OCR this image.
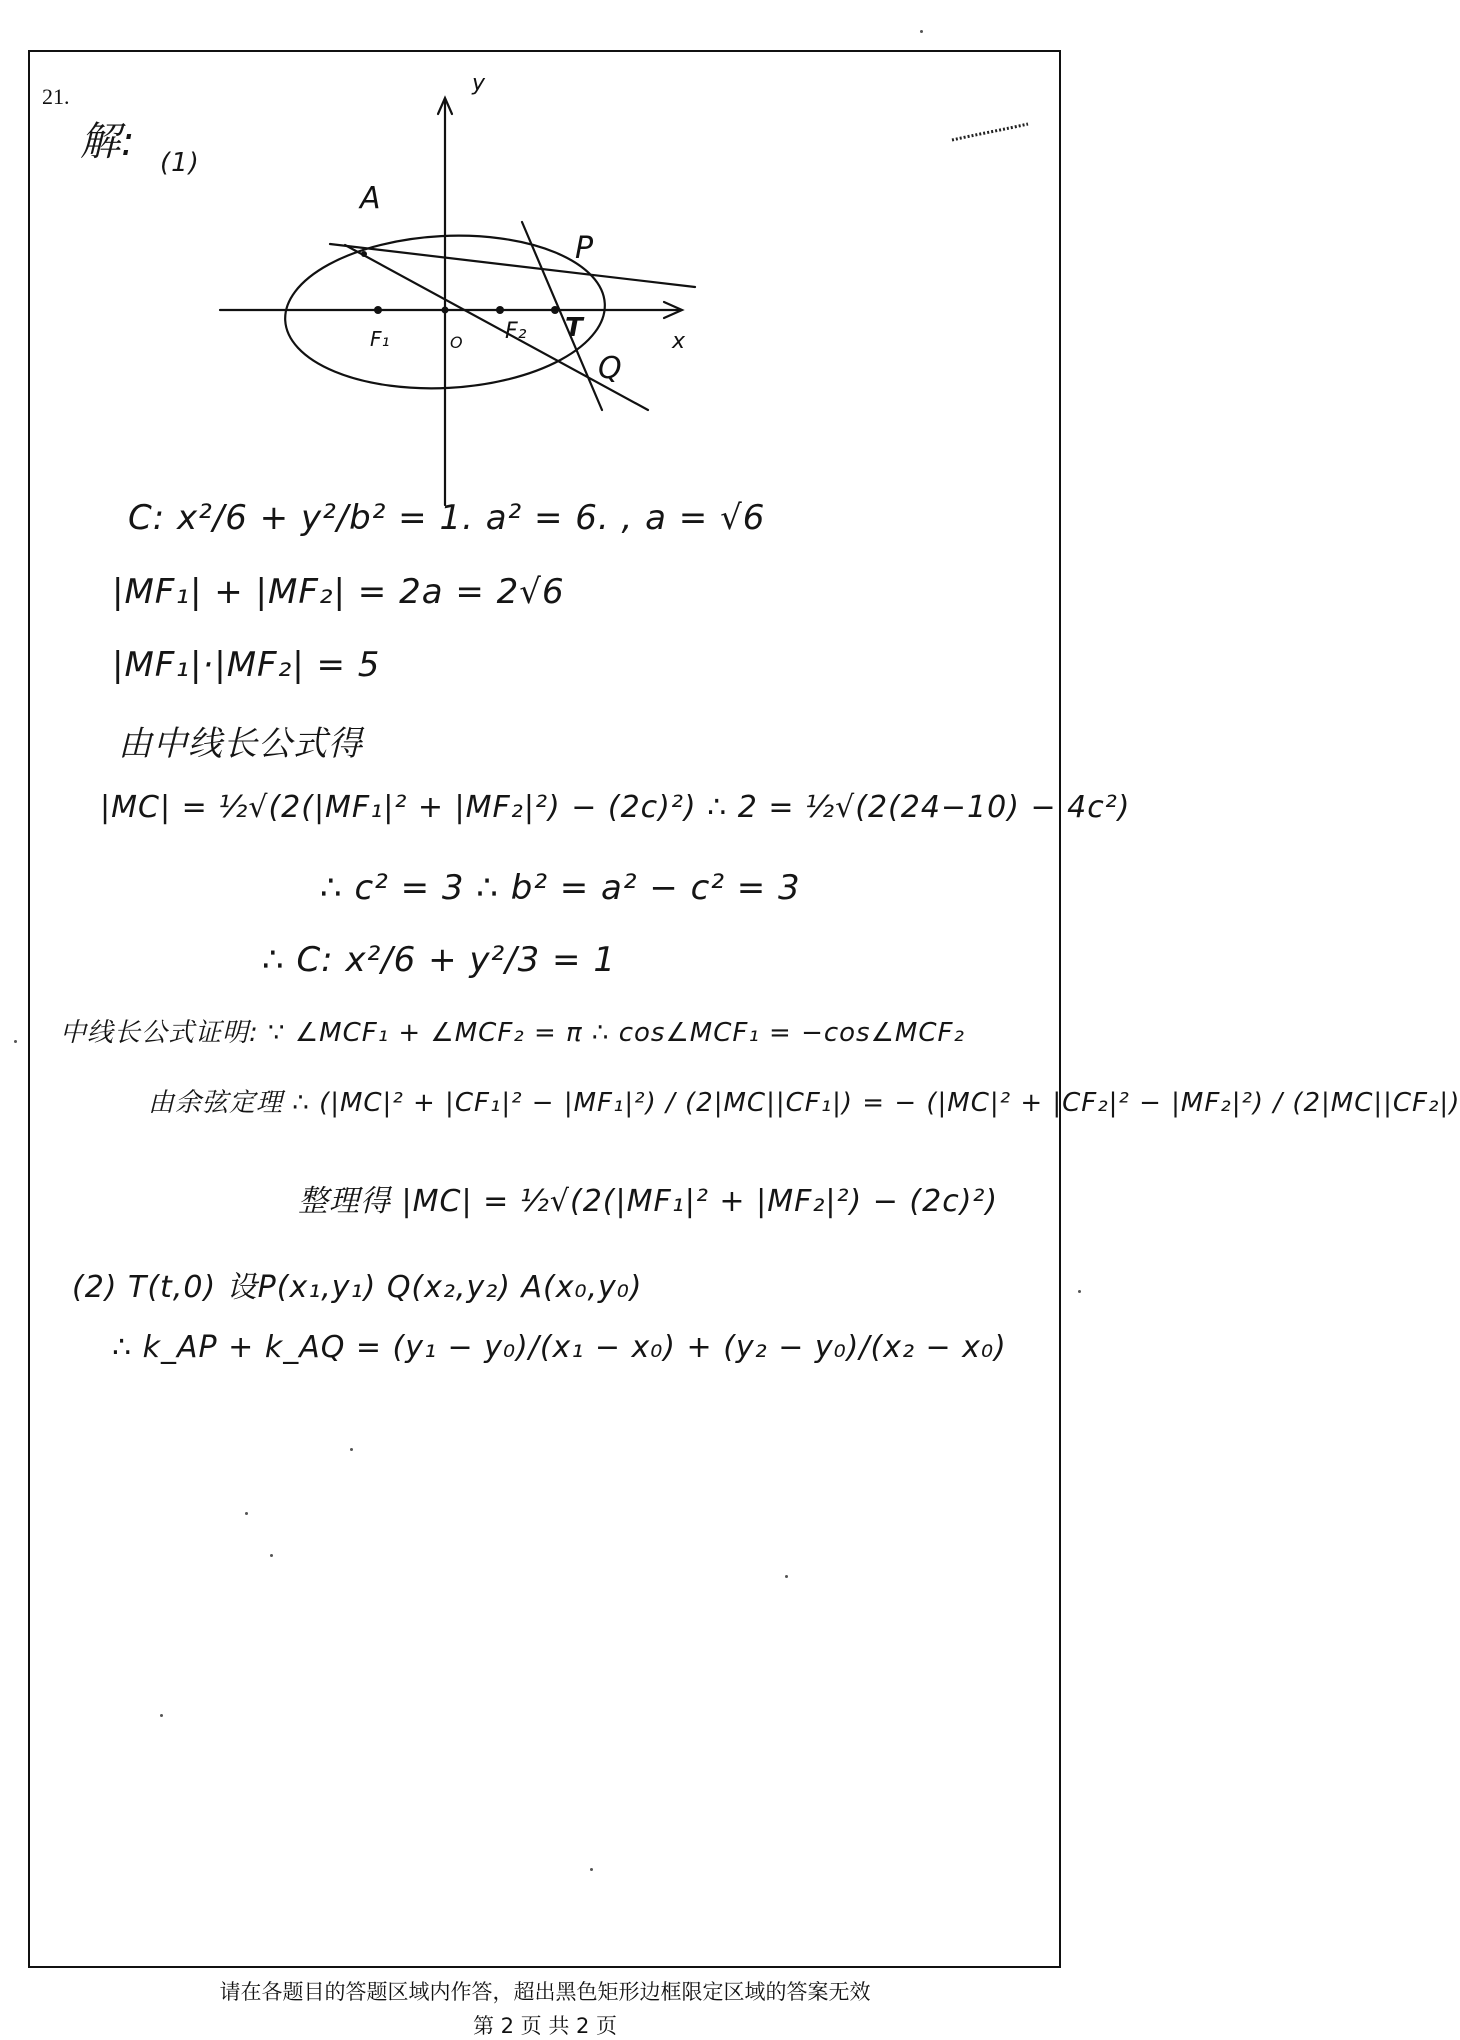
21.
解: (1)
y
x
A
P
F₁	O F₂ T
Q
C: x²/6 + y²/b² = 1. a² = 6. , a = √6
|MF₁| + |MF₂| = 2a = 2√6
|MF₁|·|MF₂| = 5
由中线长公式得
|MC| = ½√(2(|MF₁|² + |MF₂|²) − (2c)²) ∴ 2 = ½√(2(24−10) − 4c²)
∴ c² = 3 ∴ b² = a² − c² = 3
∴ C: x²/6 + y²/3 = 1
中线长公式证明: ∵ ∠MCF₁ + ∠MCF₂ = π ∴ cos∠MCF₁ = −cos∠MCF₂
由余弦定理 ∴ (|MC|² + |CF₁|² − |MF₁|²) / (2|MC||CF₁|) = − (|MC|² + |CF₂|² − |MF₂|²) / (2|MC||CF₂|)
整理得 |MC| = ½√(2(|MF₁|² + |MF₂|²) − (2c)²)
(2) T(t,0) 设P(x₁,y₁) Q(x₂,y₂) A(x₀,y₀)
∴ k_AP + k_AQ = (y₁ − y₀)/(x₁ − x₀) + (y₂ − y₀)/(x₂ − x₀)
请在各题目的答题区域内作答，超出黑色矩形边框限定区域的答案无效
第 2 页 共 2 页
